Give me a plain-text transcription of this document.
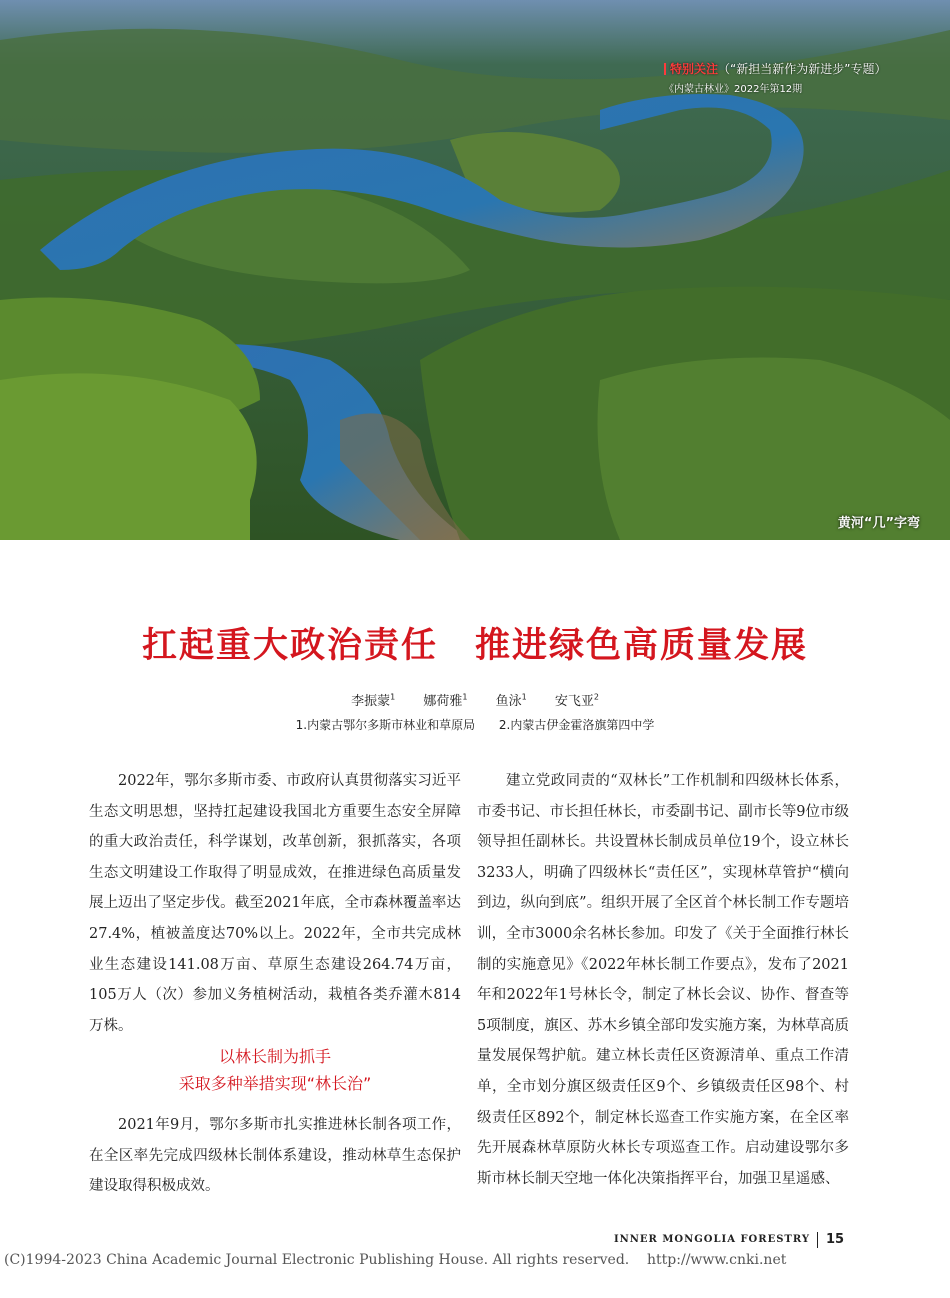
特别关注（“新担当新作为新进步”专题）
《内蒙古林业》2022年第12期
黄河“几”字弯
扛起重大政治责任　推进绿色高质量发展
李振蒙$^1$ 娜荷雅$^1$ 鱼泳$^1$ 安飞亚$^2$
1.内蒙古鄂尔多斯市林业和草原局 2.内蒙古伊金霍洛旗第四中学

2022年，鄂尔多斯市委、市政府认真贯彻落实习近平生态文明思想，坚持扛起建设我国北方重要生态安全屏障的重大政治责任，科学谋划，改革创新，狠抓落实，各项生态文明建设工作取得了明显成效，在推进绿色高质量发展上迈出了坚定步伐。截至2021年底，全市森林覆盖率达27.4%，植被盖度达70%以上。2022年，全市共完成林业生态建设141.08万亩、草原生态建设264.74万亩，105万人（次）参加义务植树活动，栽植各类乔灌木814万株。

以林长制为抓手
采取多种举措实现“林长治”

2021年9月，鄂尔多斯市扎实推进林长制各项工作，在全区率先完成四级林长制体系建设，推动林草生态保护建设取得积极成效。

建立党政同责的“双林长”工作机制和四级林长体系，市委书记、市长担任林长，市委副书记、副市长等9位市级领导担任副林长。共设置林长制成员单位19个，设立林长3233人，明确了四级林长“责任区”，实现林草管护“横向到边，纵向到底”。组织开展了全区首个林长制工作专题培训，全市3000余名林长参加。印发了《关于全面推行林长制的实施意见》《2022年林长制工作要点》，发布了2021年和2022年1号林长令，制定了林长会议、协作、督查等5项制度，旗区、苏木乡镇全部印发实施方案，为林草高质量发展保驾护航。建立林长责任区资源清单、重点工作清单，全市划分旗区级责任区9个、乡镇级责任区98个、村级责任区892个，制定林长巡查工作实施方案，在全区率先开展森林草原防火林长专项巡查工作。启动建设鄂尔多斯市林长制天空地一体化决策指挥平台，加强卫星遥感、

INNER MONGOLIA FORESTRY 15
(C)1994-2023 China Academic Journal Electronic Publishing House. All rights reserved.    http://www.cnki.net
